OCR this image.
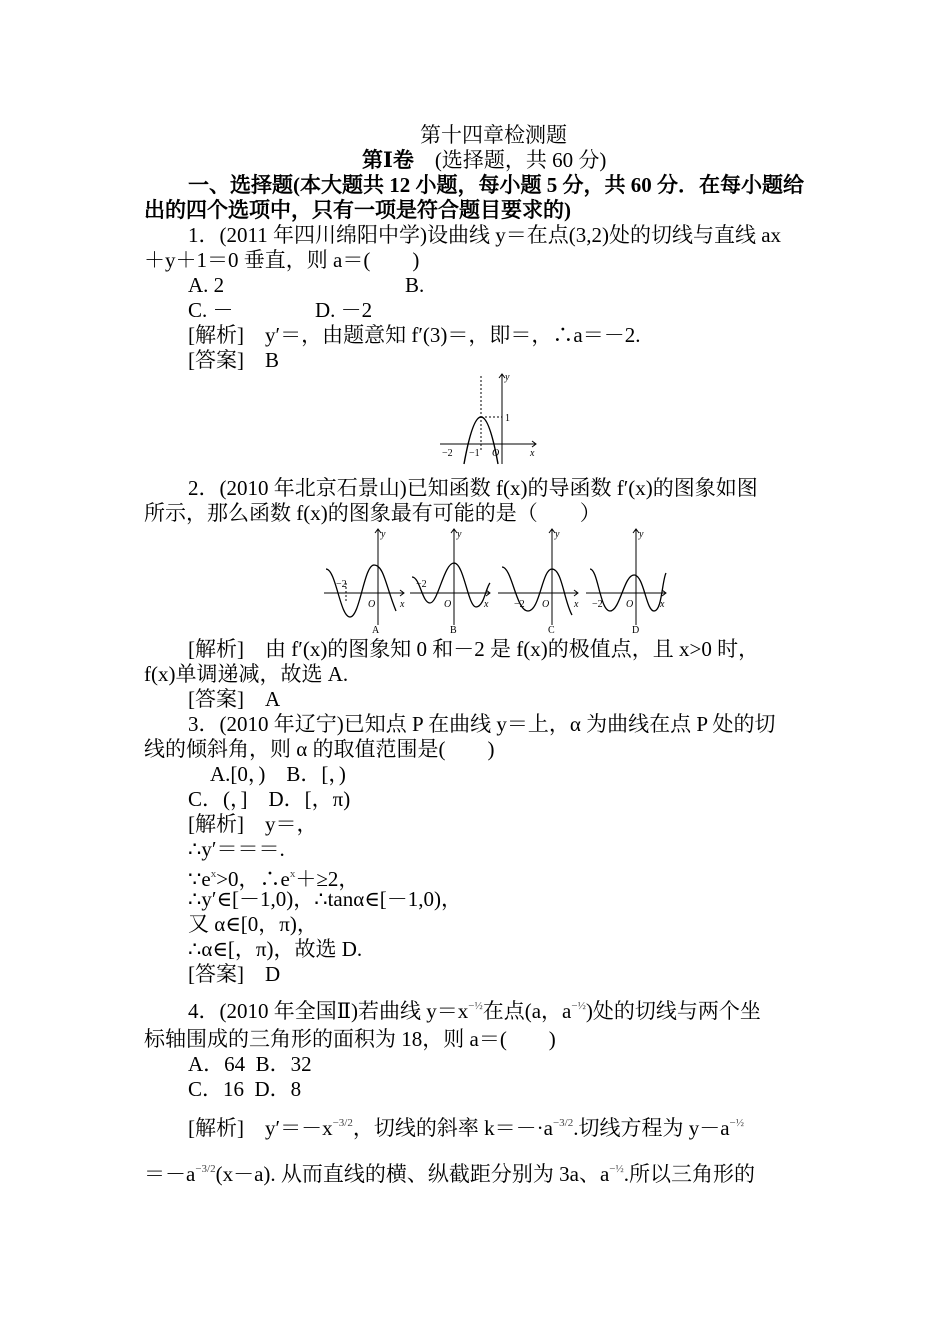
第十四章检测题
第Ⅰ卷　 (选择题，共 60 分)
一、选择题(本大题共 12 小题，每小题 5 分，共 60 分．在每小题给
出的四个选项中，只有一项是符合题目要求的)
1．(2011 年四川绵阳中学)设曲线 y＝在点(3,2)处的切线与直线 ax
＋y＋1＝0 垂直，则 a＝(　　)
A. 2	B.
C. －	D. －2
[解析]　y′＝，由题意知 f′(3)＝，即＝，∴a＝－2.
[答案]　B
y
1
−2 −1 O	x
2．(2010 年北京石景山)已知函数 f(x)的导函数 f′(x)的图象如图
所示，那么函数 f(x)的图象最有可能的是（　　）
y
−2
O x
A
y
−2
O	x
B
y
−2 O x
C
y
−2 O	x
D
[解析]　由 f′(x)的图象知 0 和－2 是 f(x)的极值点，且 x>0 时，
f(x)单调递减，故选 A.
[答案]　A
3．(2010 年辽宁)已知点 P 在曲线 y＝上，α 为曲线在点 P 处的切
线的倾斜角，则 α 的取值范围是(　　)
A.[0，)　B．[，)
C．(，]　D．[，π)
[解析]　y＝，
∴y′＝＝＝.
$\because e^x>0$，$\therefore e^x+\ge 2$，
∴y′∈[－1,0)，∴tanα∈[－1,0)，
又 α∈[0，π)，
∴α∈[，π)，故选 D.
[答案]　D
4．(2010 年全国Ⅱ)若曲线 $y=x^{-\frac{1}{2}}$在点(a，$a^{-\frac{1}{2}}$)处的切线与两个坐
标轴围成的三角形的面积为 18，则 a＝(　　)
A．64  B．32
C．16  D．8
[解析]　$y'=-x^{-3/2}$，切线的斜率 $k=-\cdot a^{-3/2}$.切线方程为 $y-a^{-\frac{1}{2}}$
$=-a^{-3/2}(x-a)$. 从而直线的横、纵截距分别为 3a、$a^{-\frac{1}{2}}$.所以三角形的
